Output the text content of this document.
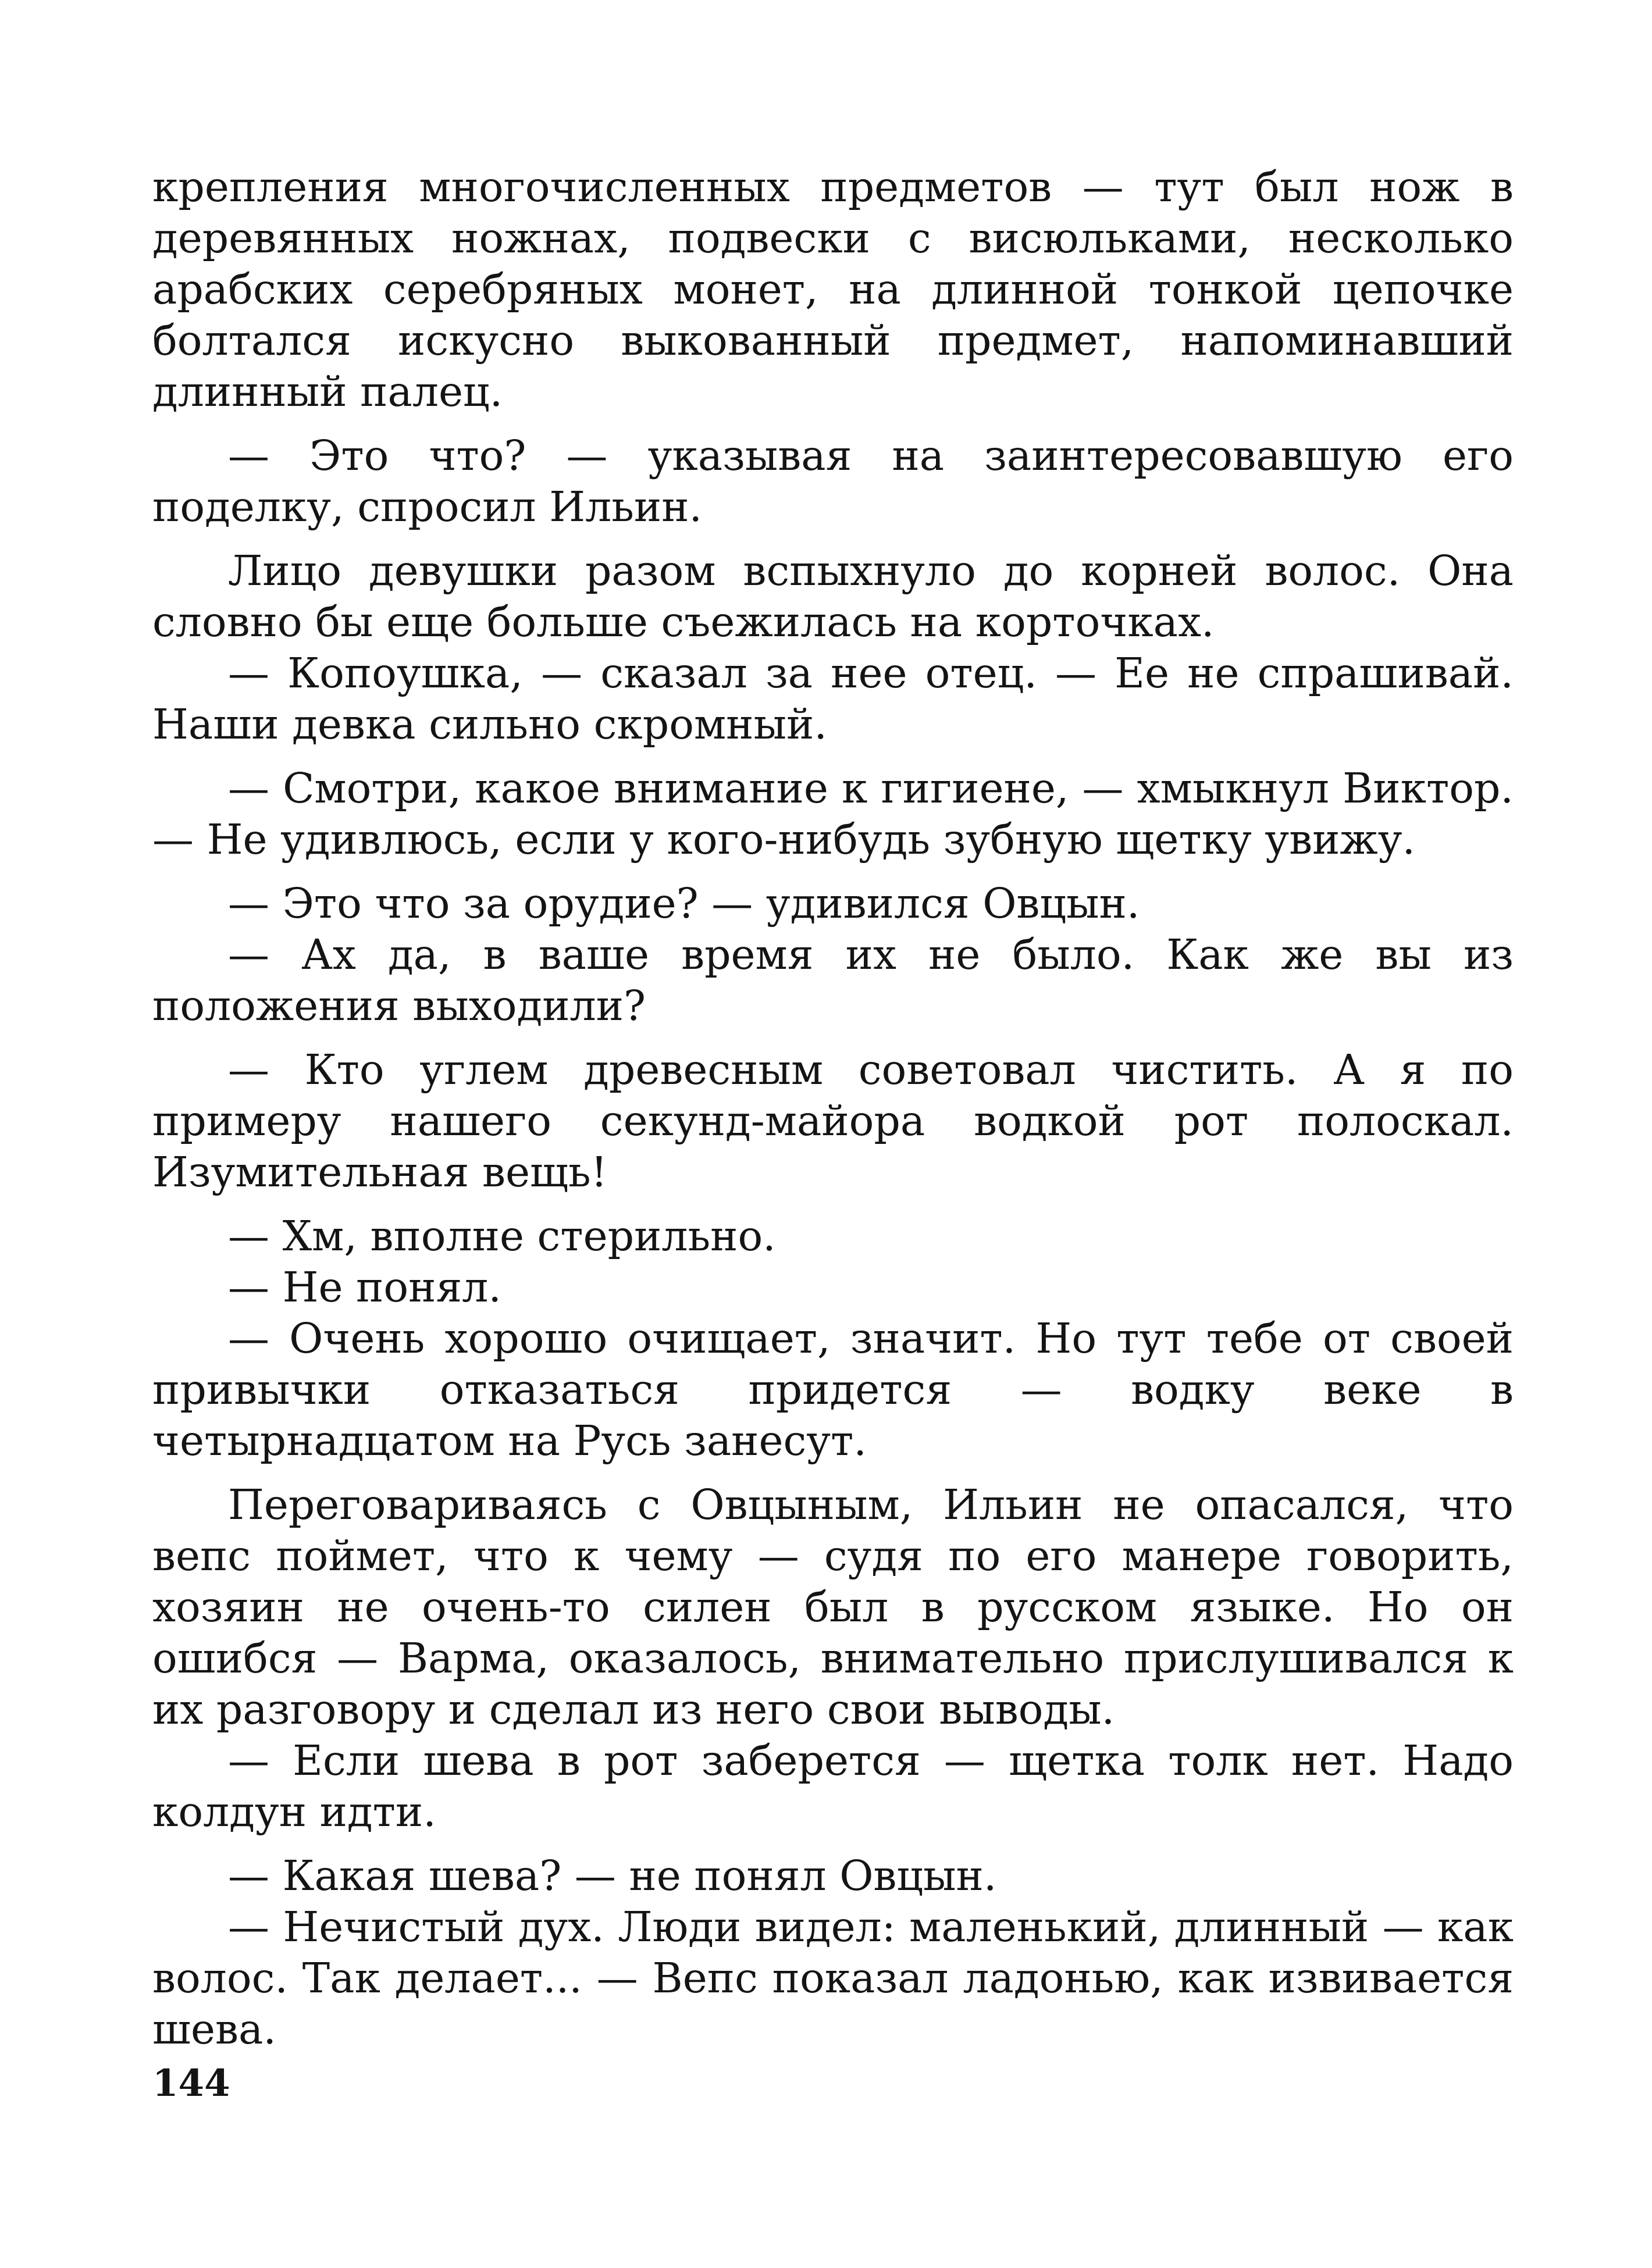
крепления многочисленных предметов — тут был нож в деревянных ножнах, подвески с висюльками, несколько арабских серебряных монет, на длинной тонкой цепочке болтался искусно выкованный предмет, напоминавший длинный палец.

— Это что? — указывая на заинтересовавшую его поделку, спросил Ильин.

Лицо девушки разом вспыхнуло до корней волос. Она словно бы еще больше съежилась на корточках.

— Копоушка, — сказал за нее отец. — Ее не спрашивай. Наши девка сильно скромный.

— Смотри, какое внимание к гигиене, — хмыкнул Виктор. — Не удивлюсь, если у кого-нибудь зубную щетку увижу.

— Это что за орудие? — удивился Овцын.

— Ах да, в ваше время их не было. Как же вы из положения выходили?

— Кто углем древесным советовал чистить. А я по примеру нашего секунд-майора водкой рот полоскал. Изумительная вещь!

— Хм, вполне стерильно.

— Не понял.

— Очень хорошо очищает, значит. Но тут тебе от своей привычки отказаться придется — водку веке в четырнадцатом на Русь занесут.

Переговариваясь с Овцыным, Ильин не опасался, что вепс поймет, что к чему — судя по его манере говорить, хозяин не очень-то силен был в русском языке. Но он ошибся — Варма, оказалось, внимательно прислушивался к их разговору и сделал из него свои выводы.

— Если шева в рот заберется — щетка толк нет. Надо колдун идти.

— Какая шева? — не понял Овцын.

— Нечистый дух. Люди видел: маленький, длинный — как волос. Так делает... — Вепс показал ладонью, как извивается шева.

144
